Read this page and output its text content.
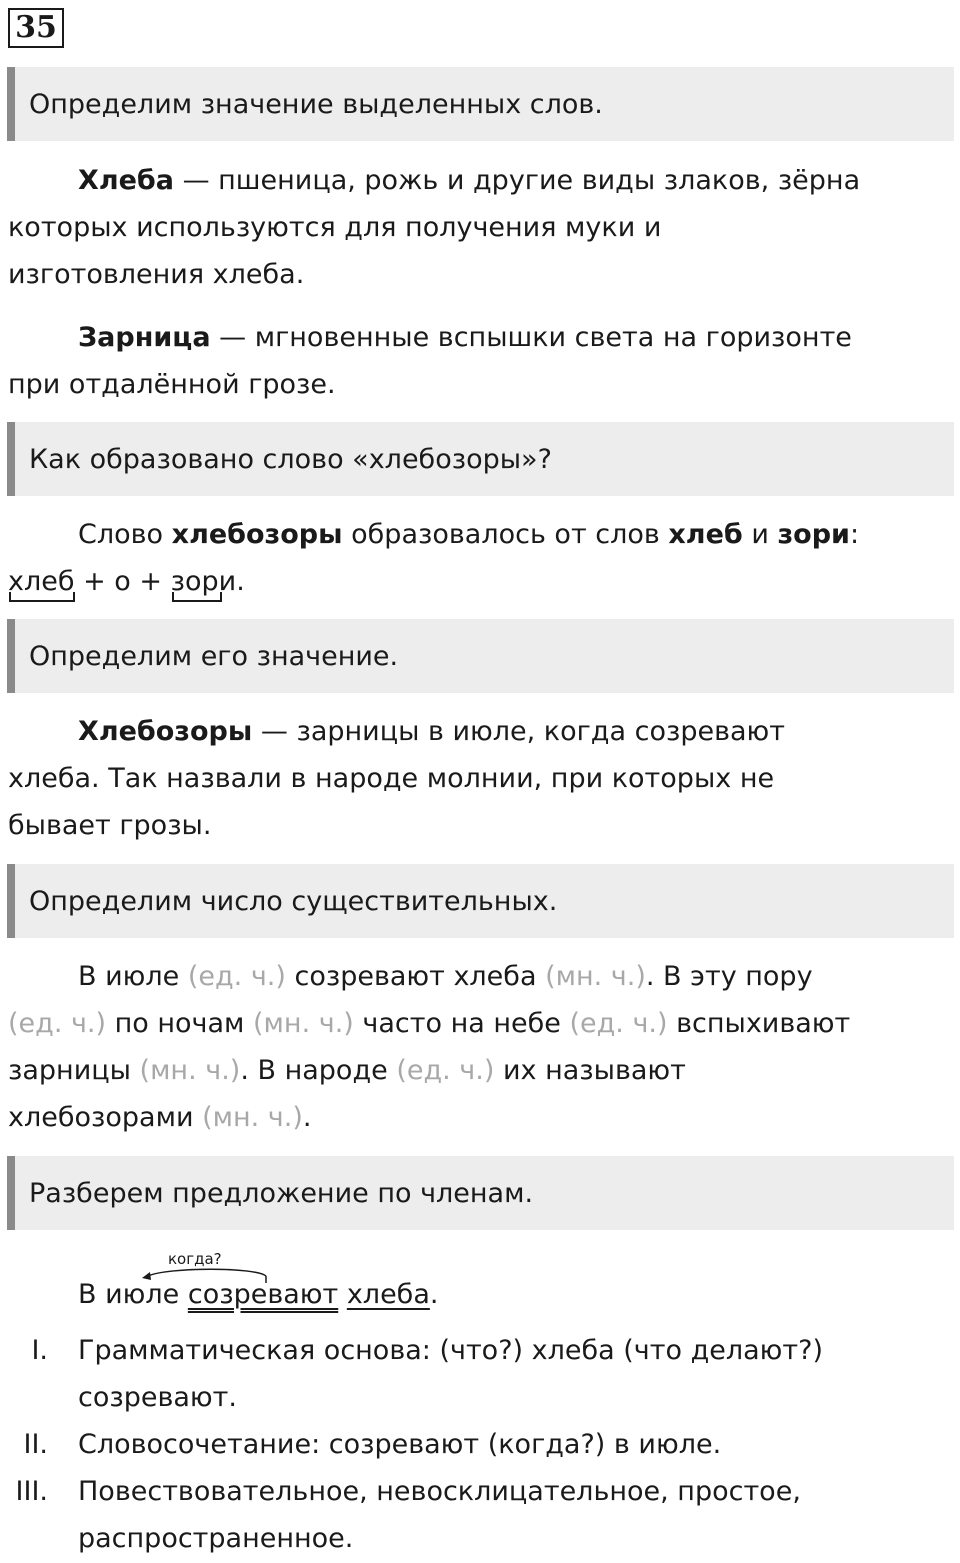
35
Определим значение выделенных слов.
Хлеба — пшеница, рожь и другие виды злаков, зёрна
которых используются для получения муки и
изготовления хлеба.
Зарница — мгновенные вспышки света на горизонте
при отдалённой грозе.
Как образовано слово «хлебозоры»?
Слово хлебозоры образовалось от слов хлеб и зори:
хлеб
+ о + зор
и.
Определим его значение.
Хлебозоры — зарницы в июле, когда созревают
хлеба. Так назвали в народе молнии, при которых не
бывает грозы.
Определим число существительных.
В июле (ед. ч.) созревают хлеба (мн. ч.). В эту пору
(ед. ч.) по ночам (мн. ч.) часто на небе (ед. ч.) вспыхивают
зарницы (мн. ч.). В народе (ед. ч.) их называют
хлебозорами (мн. ч.).
Разберем предложение по членам.
когда?
В июле созревают хлеба.
I. Грамматическая основа: (что?) хлеба (что делают?)
созревают.
II. Словосочетание: созревают (когда?) в июле.
III. Повествовательное, невосклицательное, простое,
распространенное.
